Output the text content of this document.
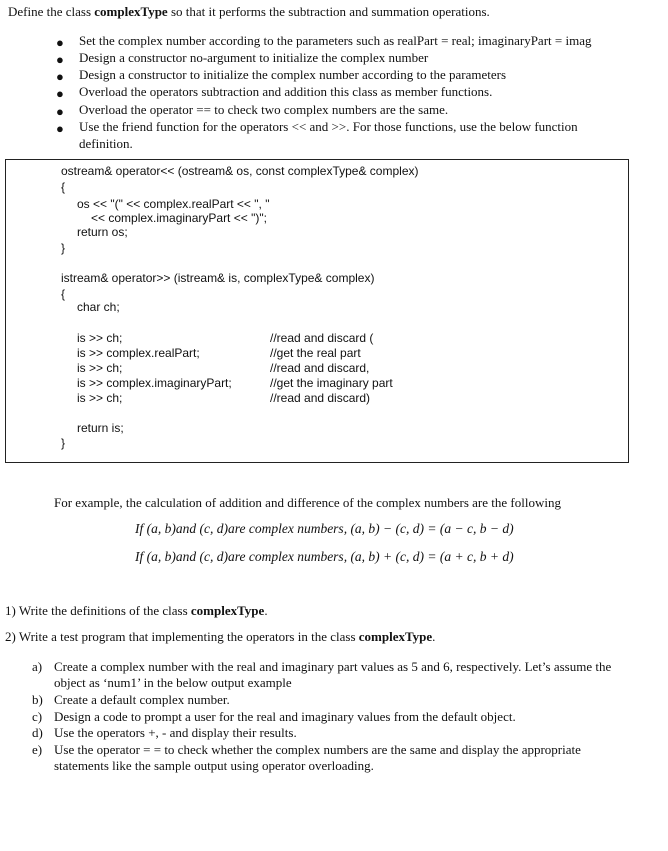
Define the class complexType so that it performs the subtraction and summation operations.
● Set the complex number according to the parameters such as realPart = real; imaginaryPart = imag
● Design a constructor no-argument to initialize the complex number
● Design a constructor to initialize the complex number according to the parameters
● Overload the operators subtraction and addition this class as member functions.
● Overload the operator == to check two complex numbers are the same.
● Use the friend function for the operators << and >>. For those functions, use the below function
definition.
ostream& operator<< (ostream& os, const complexType& complex)
{
os << "(" << complex.realPart << ", "
<< complex.imaginaryPart << ")";
return os;
}
istream& operator>> (istream& is, complexType& complex)
{
char ch;
is >> ch;
is >> complex.realPart;
is >> ch;
is >> complex.imaginaryPart;
is >> ch;
//read and discard (
//get the real part
//read and discard,
//get the imaginary part
//read and discard)
return is;
}
For example, the calculation of addition and difference of the complex numbers are the following
If (a, b)and (c, d)are complex numbers, (a, b) − (c, d) = (a − c, b − d)
If (a, b)and (c, d)are complex numbers, (a, b) + (c, d) = (a + c, b + d)
1) Write the definitions of the class complexType.
2) Write a test program that implementing the operators in the class complexType.
a) Create a complex number with the real and imaginary part values as 5 and 6, respectively. Let’s assume the
object as ‘num1’ in the below output example
b) Create a default complex number.
c) Design a code to prompt a user for the real and imaginary values from the default object.
d) Use the operators +, - and display their results.
e) Use the operator = = to check whether the complex numbers are the same and display the appropriate
statements like the sample output using operator overloading.
